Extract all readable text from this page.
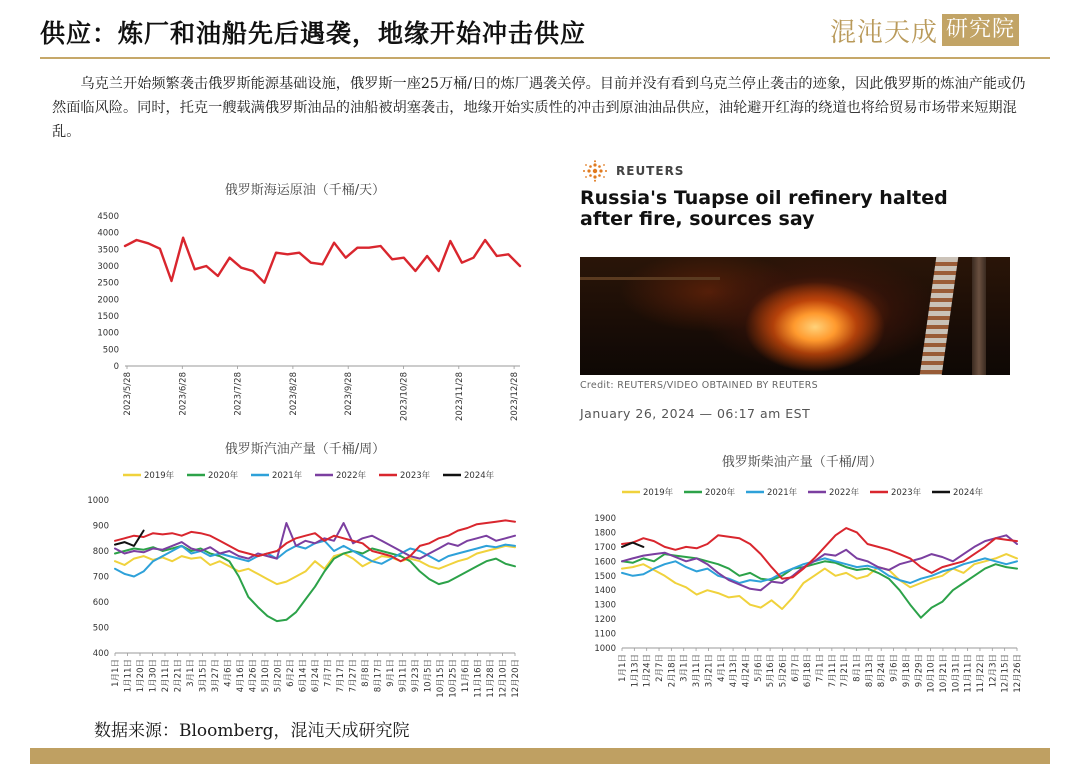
供应：炼厂和油船先后遇袭，地缘开始冲击供应	混沌天成 研究院

乌克兰开始频繁袭击俄罗斯能源基础设施，俄罗斯一座25万桶/日的炼厂遇袭关停。目前并没有看到乌克兰停止袭击的迹象，因此俄罗斯的炼油产能或仍然面临风险。同时，托克一艘载满俄罗斯油品的油船被胡塞袭击，地缘开始实质性的冲击到原油油品供应，油轮避开红海的绕道也将给贸易市场带来短期混乱。

俄罗斯海运原油（千桶/天）
0
500
1000
1500
2000
2500
3000
3500
4000
4500
2023/5/28	2023/6/28	2023/7/28	2023/8/28	2023/9/28	2023/10/28	2023/11/28	2023/12/28
REUTERS
Russia's Tuapse oil refinery halted after fire, sources say
Credit: REUTERS/VIDEO OBTAINED BY REUTERS
January 26, 2024 — 06:17 am EST
俄罗斯汽油产量（千桶/周）
2019年	2020年	2021年	2022年	2023年	2024年
400
500
600
700
800
900
1000
1月1日 1月11日 1月20日 1月30日 2月11日 2月21日 3月1日 3月15日 3月27日 4月6日 4月16日 4月26日 5月10日 5月20日 6月2日 6月14日 6月24日 7月7日 7月17日 7月27日 8月8日 8月17日 9月1日 9月11日 9月23日 10月5日 10月15日 10月25日 11月6日 11月16日 11月28日 12月10日 12月20日
俄罗斯柴油产量（千桶/周）
2019年	2020年	2021年	2022年	2023年	2024年
1000
1100
1200
1300
1400
1500
1600
1700
1800
1900
1月1日 1月13日 1月24日 2月7日 2月18日 3月1日 3月11日 3月21日 4月1日 4月13日 4月24日 5月6日 5月16日 5月26日 6月7日 6月18日 7月1日 7月11日 7月21日 8月1日 8月13日 8月24日 9月6日 9月18日 9月29日 10月10日 10月21日 10月31日 11月11日 11月22日 12月3日 12月15日 12月26日
数据来源：Bloomberg，混沌天成研究院
